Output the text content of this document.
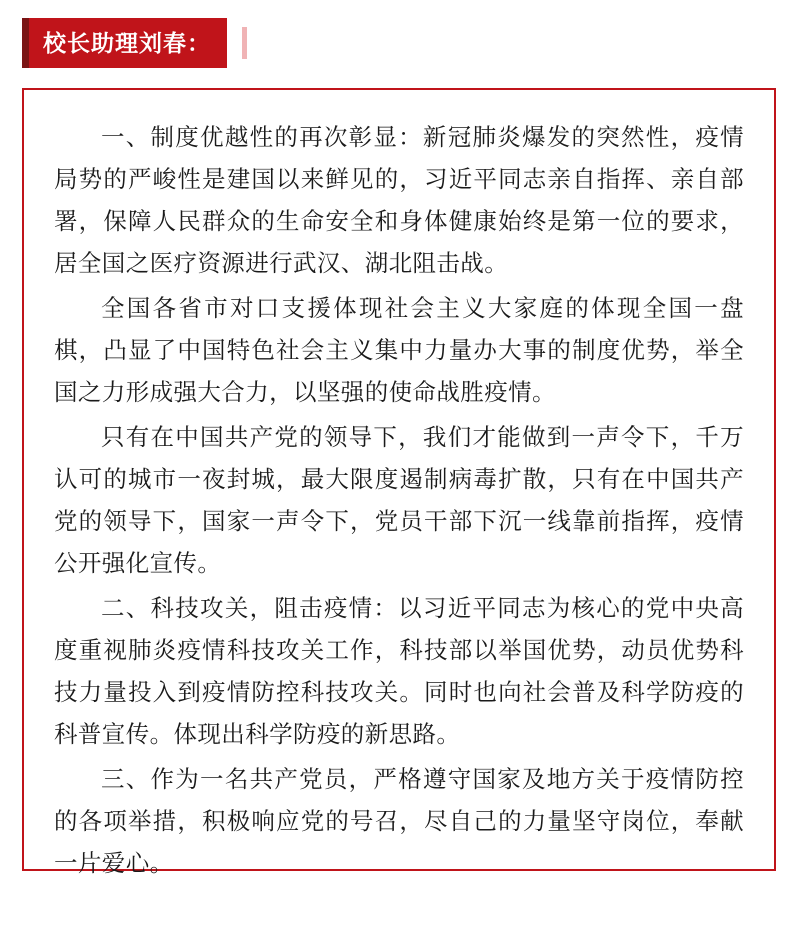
校长助理刘春：

一、制度优越性的再次彰显：新冠肺炎爆发的突然性，疫情局势的严峻性是建国以来鲜见的，习近平同志亲自指挥、亲自部署，保障人民群众的生命安全和身体健康始终是第一位的要求，居全国之医疗资源进行武汉、湖北阻击战。

全国各省市对口支援体现社会主义大家庭的体现全国一盘棋，凸显了中国特色社会主义集中力量办大事的制度优势，举全国之力形成强大合力，以坚强的使命战胜疫情。

只有在中国共产党的领导下，我们才能做到一声令下，千万认可的城市一夜封城，最大限度遏制病毒扩散，只有在中国共产党的领导下，国家一声令下，党员干部下沉一线靠前指挥，疫情公开强化宣传。

二、科技攻关，阻击疫情：以习近平同志为核心的党中央高度重视肺炎疫情科技攻关工作，科技部以举国优势，动员优势科技力量投入到疫情防控科技攻关。同时也向社会普及科学防疫的科普宣传。体现出科学防疫的新思路。

三、作为一名共产党员，严格遵守国家及地方关于疫情防控的各项举措，积极响应党的号召，尽自己的力量坚守岗位，奉献一片爱心。
